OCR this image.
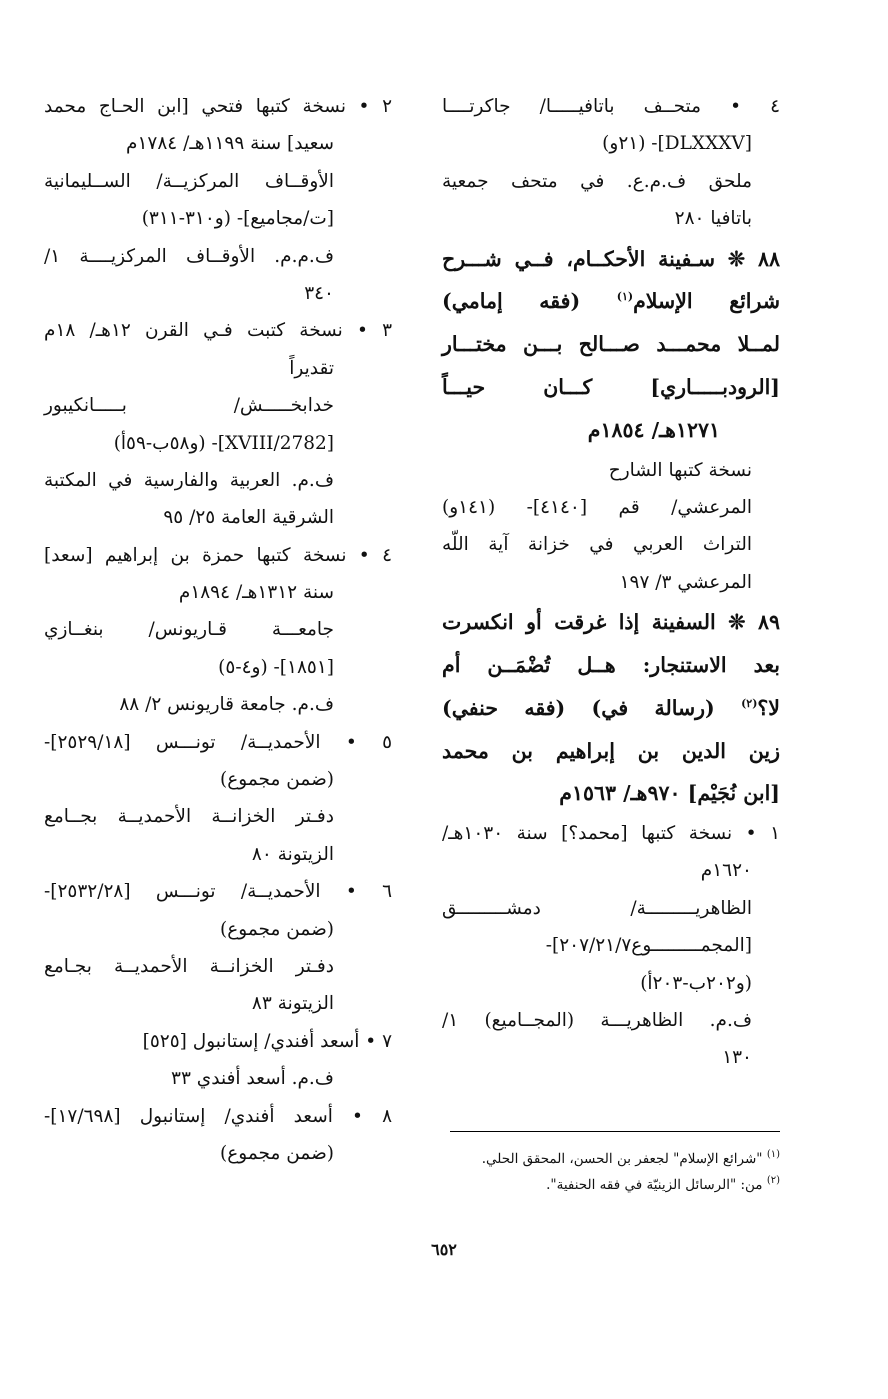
٤ • متحــف باتافيـــــا/ جاكرتــــا
[DLXXXV]- (٢١و)
ملحق ف.م.ع. في متحف جمعية
باتافيا ٢٨٠
٨٨ ❊ سـفينة الأحكــام، فــي شـــرح
شرائع الإسلام$^{(١)}$ (فقه إمامي)
لمــلا محمـــد صـــالح بـــن مختـــار
[الرودبـــــاري] كـــان حيـــاً
١٢٧١هـ/ ١٨٥٤م
نسخة كتبها الشارح
المرعشي/ قم [٤١٤٠]- (١٤١و)
التراث العربي في خزانة آية اللّه
المرعشي ٣/ ١٩٧
٨٩ ❊ السفينة إذا غرقت أو انكسرت
بعد الاستنجار: هــل تُضْمَــن أم
لا؟$^{(٢)}$ (رسالة في) (فقه حنفي)
زين الدين بن إبراهيم بن محمد
[ابن نُجَيْم] ٩٧٠هـ/ ١٥٦٣م
١ • نسخة كتبها [محمد؟] سنة ١٠٣٠هـ/
١٦٢٠م
الظاهريـــــــــة/ دمشـــــــــق
[المجمـــــــــوع٢٠٧/٢١/٧]-
(و٢٠٢ب-٢٠٣أ)
ف.م. الظاهريـــة (المجــاميع) ١/
١٣٠
٢ • نسخة كتبها فتحي [ابن الحـاج محمد
سعيد] سنة ١١٩٩هـ/ ١٧٨٤م
الأوقــاف المركزيــة/ الســليمانية
[ت/مجاميع]- (و٣١٠-٣١١)
ف.م.م. الأوقــاف المركزيــــة ١/
٣٤٠
٣ • نسخة كتبت فـي القرن ١٢هـ/ ١٨م
تقديراً
خدابخـــــش/ بـــــانكيبور
[2782/XVIII]- (و٥٨ب-٥٩أ)
ف.م. العربية والفارسية في المكتبة
الشرقية العامة ٢٥/ ٩٥
٤ • نسخة كتبها حمزة بن إبراهيم [سعد]
سنة ١٣١٢هـ/ ١٨٩٤م
جامعـــة قـاريونس/ بنغــازي
[١٨٥١]- (و٤-٥)
ف.م. جامعة قاريونس ٢/ ٨٨
٥ • الأحمديــة/ تونـــس [٢٥٢٩/١٨]-
(ضمن مجموع)
دفـتر الخزانــة الأحمديــة بجــامع
الزيتونة ٨٠
٦ • الأحمديــة/ تونـــس [٢٥٣٢/٢٨]-
(ضمن مجموع)
دفـتر الخزانــة الأحمديــة بجـامع
الزيتونة ٨٣
٧ • أسعد أفندي/ إستانبول [٥٢٥]
ف.م. أسعد أفندي ٣٣
٨ • أسعد أفندي/ إستانبول [١٧/٦٩٨]-
(ضمن مجموع)	$^{(١)}$ "شرائع الإسلام" لجعفر بن الحسن، المحقق الحلي.
$^{(٢)}$ من: "الرسائل الزينيّة في فقه الحنفية".
٦٥٢
